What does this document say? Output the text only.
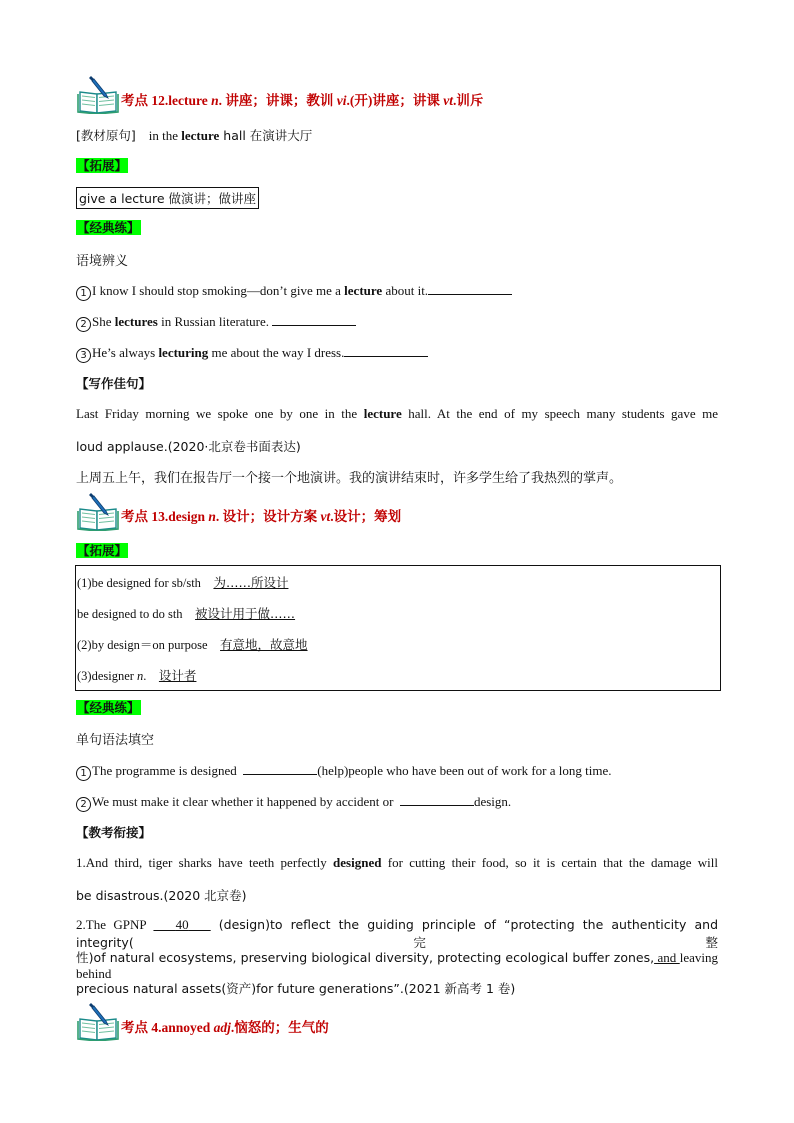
考点 12.lecture n. 讲座；讲课；教训 vi.(开)讲座；讲课 vt.训斥
[教材原句] in the lecture hall 在演讲大厅
【拓展】
give a lecture 做演讲；做讲座
【经典练】
语境辨义
1 I know I should stop smoking—don’t give me a lecture about it.
2 She lectures in Russian literature.
3 He’s always lecturing me about the way I dress.
【写作佳句】
Last Friday morning we spoke one by one in the lecture hall. At the end of my speech many students gave me
loud applause.(2020·北京卷书面表达)
上周五上午，我们在报告厅一个接一个地演讲。我的演讲结束时，许多学生给了我热烈的掌声。
考点 13.design n. 设计；设计方案 vt.设计；筹划
【拓展】
(1)be designed for sb/sth 为……所设计
be designed to do sth 被设计用于做……
(2)by design＝on purpose 有意地，故意地
(3)designer n. 设计者
【经典练】
单句语法填空
1 The programme is designed	(help)people who have been out of work for a long time.
2 We must make it clear whether it happened by accident or	design.
【教考衔接】
1.And third, tiger sharks have teeth perfectly designed for cutting their food, so it is certain that the damage will
be disastrous.(2020 北京卷)
2.The GPNP    40    (design)to reflect the guiding principle of “protecting the authenticity and integrity(完整
性)of natural ecosystems, preserving biological diversity, protecting ecological buffer zones, and leaving behind
precious natural assets(资产)for future generations”.(2021 新高考 1 卷)
考点 4.annoyed adj.恼怒的；生气的
